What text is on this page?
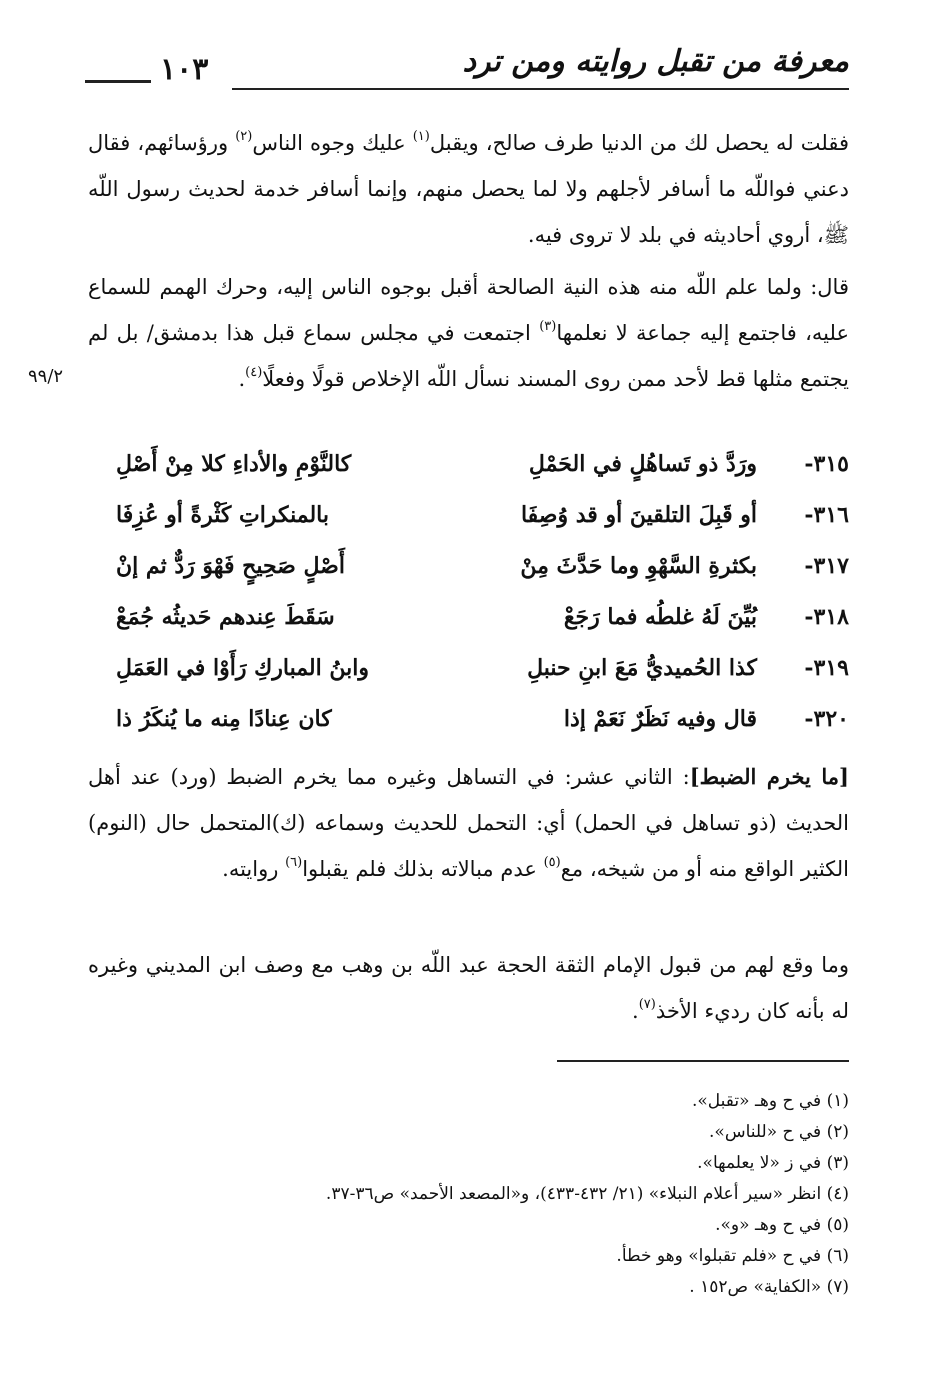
معرفة من تقبل روايته ومن ترد
١٠٣

فقلت له يحصل لك من الدنيا طرف صالح، ويقبل$^{(١)}$ عليك وجوه الناس$^{(٢)}$ ورؤسائهم، فقال دعني فواللّه ما أسافر لأجلهم ولا لما يحصل منهم، وإنما أسافر خدمة لحديث رسول اللّه ﷺ، أروي أحاديثه في بلد لا تروى فيه.

قال: ولما علم اللّه منه هذه النية الصالحة أقبل بوجوه الناس إليه، وحرك الهمم للسماع عليه، فاجتمع إليه جماعة لا نعلمها$^{(٣)}$ اجتمعت في مجلس سماع قبل هذا بدمشق/ بل لم يجتمع مثلها قط لأحد ممن روى المسند نسأل اللّه الإخلاص قولًا وفعلًا$^{(٤)}$.

٩٩/٢
٣١٥-
ورَدَّ ذو تَساهُلٍ في الحَمْلِ
كالنَّوْمِ والأداءِ كلا مِنْ أَصْلِ
٣١٦-
أو قَبِلَ التلقينَ أو قد وُصِفَا
بالمنكراتِ كَثْرةً أو عُزِفَا
٣١٧-
بكثرةِ السَّهْوِ وما حَدَّثَ مِنْ
أَصْلٍ صَحِيحٍ فَهْوَ رَدٌّ ثم إنْ
٣١٨-
بُيِّنَ لَهُ غلطُه فما رَجَعْ
سَقَطَ عِندهم حَديثُه جُمَعْ
٣١٩-
كذا الحُميديُّ مَعَ ابنِ حنبلِ
وابنُ المباركِ رَأَوْا في العَمَلِ
٣٢٠-
قال وفيه نَظَرٌ نَعَمْ إذا
كان عِنادًا مِنه ما يُنكَرُ ذا

[ما يخرم الضبط]: الثاني عشر: في التساهل وغيره مما يخرم الضبط (ورد) عند أهل الحديث (ذو تساهل في الحمل) أي: التحمل للحديث وسماعه (ك)المتحمل حال (النوم) الكثير الواقع منه أو من شيخه، مع$^{(٥)}$ عدم مبالاته بذلك فلم يقبلوا$^{(٦)}$ روايته.

وما وقع لهم من قبول الإمام الثقة الحجة عبد اللّه بن وهب مع وصف ابن المديني وغيره له بأنه كان رديء الأخذ$^{(٧)}$.

(١) في ح وهـ «تقبل».

(٢) في ح «للناس».

(٣) في ز «لا يعلمها».

(٤) انظر «سير أعلام النبلاء» (٢١/ ٤٣٢-٤٣٣)، و«المصعد الأحمد» ص٣٦-٣٧.

(٥) في ح وهـ «و».

(٦) في ح «فلم تقبلوا» وهو خطأ.

(٧) «الكفاية» ص١٥٢ .
